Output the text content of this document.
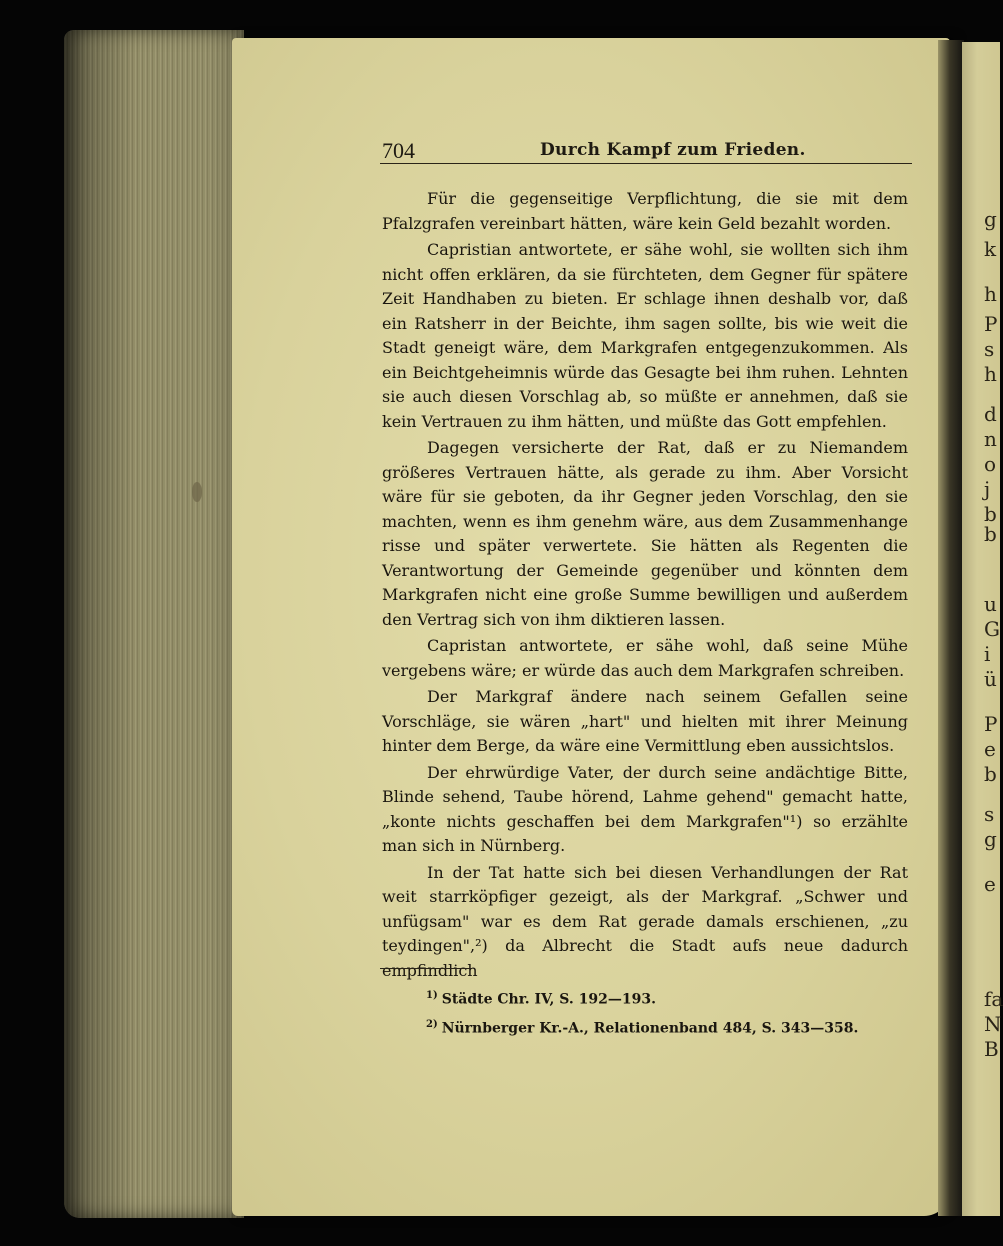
g
k
h
P
s
h
d
n
o
j
b
b
u
G
i
ü
P
e
b
s
g
e
fa
N
B
704	Durch Kampf zum Frieden.

Für die gegenseitige Verpflichtung, die sie mit dem Pfalzgrafen vereinbart hätten, wäre kein Geld bezahlt worden.

Capristian antwortete, er sähe wohl, sie wollten sich ihm nicht offen erklären, da sie fürchteten, dem Gegner für spätere Zeit Handhaben zu bieten. Er schlage ihnen deshalb vor, daß ein Ratsherr in der Beichte, ihm sagen sollte, bis wie weit die Stadt geneigt wäre, dem Markgrafen entgegenzukommen. Als ein Beichtgeheimnis würde das Gesagte bei ihm ruhen. Lehnten sie auch diesen Vorschlag ab, so müßte er annehmen, daß sie kein Vertrauen zu ihm hätten, und müßte das Gott empfehlen.

Dagegen versicherte der Rat, daß er zu Niemandem größeres Vertrauen hätte, als gerade zu ihm. Aber Vorsicht wäre für sie geboten, da ihr Gegner jeden Vorschlag, den sie machten, wenn es ihm genehm wäre, aus dem Zusammenhange risse und später verwertete. Sie hätten als Regenten die Verantwortung der Gemeinde gegenüber und könnten dem Markgrafen nicht eine große Summe bewilligen und außerdem den Vertrag sich von ihm diktieren lassen.

Capristan antwortete, er sähe wohl, daß seine Mühe vergebens wäre; er würde das auch dem Markgrafen schreiben.

Der Markgraf ändere nach seinem Gefallen seine Vorschläge, sie wären „hart" und hielten mit ihrer Meinung hinter dem Berge, da wäre eine Vermittlung eben aussichtslos.

Der ehrwürdige Vater, der durch seine andächtige Bitte, Blinde sehend, Taube hörend, Lahme gehend" gemacht hatte, „konte nichts geschaffen bei dem Markgrafen"¹) so erzählte man sich in Nürnberg.

In der Tat hatte sich bei diesen Verhandlungen der Rat weit starrköpfiger gezeigt, als der Markgraf. „Schwer und unfügsam" war es dem Rat gerade damals erschienen, „zu teydingen",²) da Albrecht die Stadt aufs neue dadurch empfindlich

$^{1)}$ Städte Chr. IV, S. 192—193.
$^{2)}$ Nürnberger Kr.-A., Relationenband 484, S. 343—358.
